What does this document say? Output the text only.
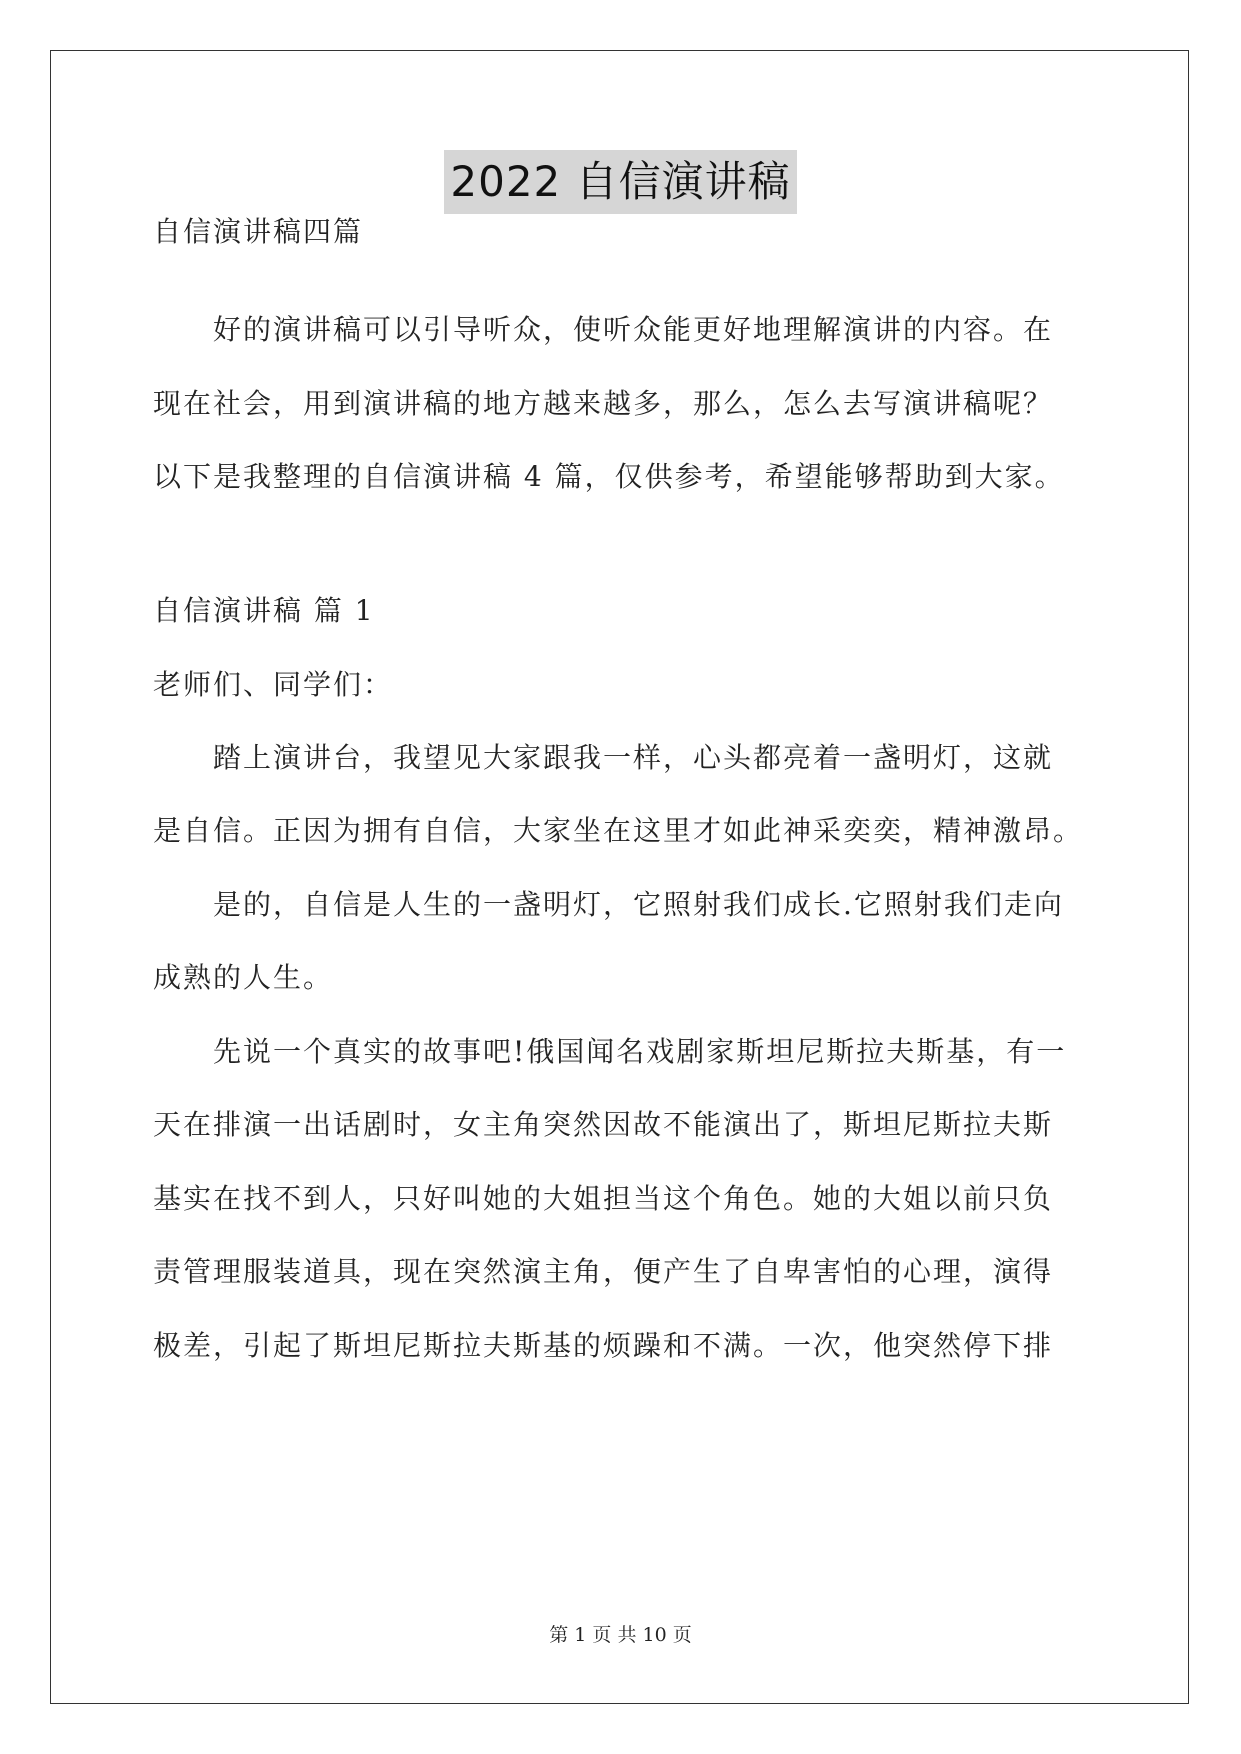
2022 自信演讲稿
自信演讲稿四篇
好的演讲稿可以引导听众，使听众能更好地理解演讲的内容。在
现在社会，用到演讲稿的地方越来越多，那么，怎么去写演讲稿呢？
以下是我整理的自信演讲稿 4 篇，仅供参考，希望能够帮助到大家。
自信演讲稿 篇 1
老师们、同学们：
踏上演讲台，我望见大家跟我一样，心头都亮着一盏明灯，这就
是自信。正因为拥有自信，大家坐在这里才如此神采奕奕，精神激昂。
是的，自信是人生的一盏明灯，它照射我们成长.它照射我们走向
成熟的人生。
先说一个真实的故事吧!俄国闻名戏剧家斯坦尼斯拉夫斯基，有一
天在排演一出话剧时，女主角突然因故不能演出了，斯坦尼斯拉夫斯
基实在找不到人，只好叫她的大姐担当这个角色。她的大姐以前只负
责管理服装道具，现在突然演主角，便产生了自卑害怕的心理，演得
极差，引起了斯坦尼斯拉夫斯基的烦躁和不满。一次，他突然停下排
第 1 页 共 10 页
